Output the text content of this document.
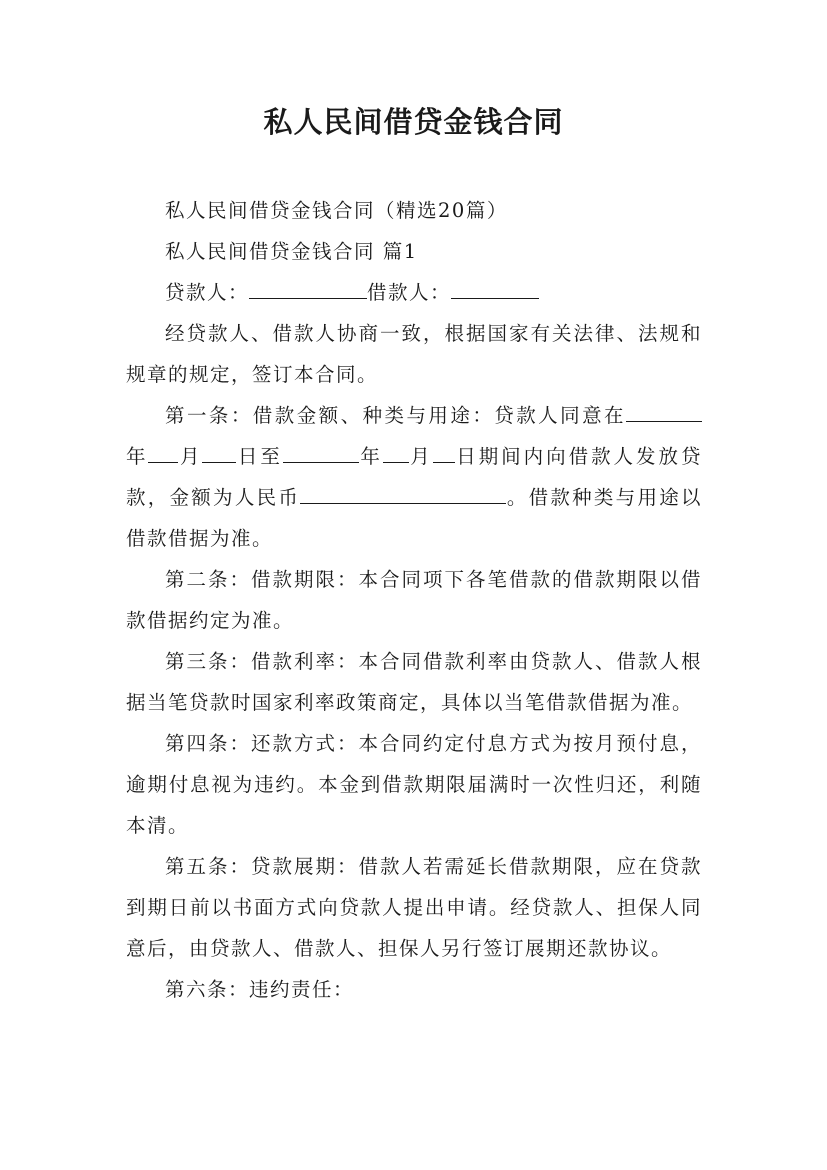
私人民间借贷金钱合同

私人民间借贷金钱合同（精选20篇）

私人民间借贷金钱合同 篇1

贷款人：	借款人：

经贷款人、借款人协商一致，根据国家有关法律、法规和规章的规定，签订本合同。

第一条：借款金额、种类与用途：贷款人同意在年 月 日至	年 月 日期间内向借款人发放贷款，金额为人民币	。借款种类与用途以借款借据为准。

第二条：借款期限：本合同项下各笔借款的借款期限以借款借据约定为准。

第三条：借款利率：本合同借款利率由贷款人、借款人根据当笔贷款时国家利率政策商定，具体以当笔借款借据为准。

第四条：还款方式：本合同约定付息方式为按月预付息，逾期付息视为违约。本金到借款期限届满时一次性归还，利随本清。

第五条：贷款展期：借款人若需延长借款期限，应在贷款到期日前以书面方式向贷款人提出申请。经贷款人、担保人同意后，由贷款人、借款人、担保人另行签订展期还款协议。

第六条：违约责任：
